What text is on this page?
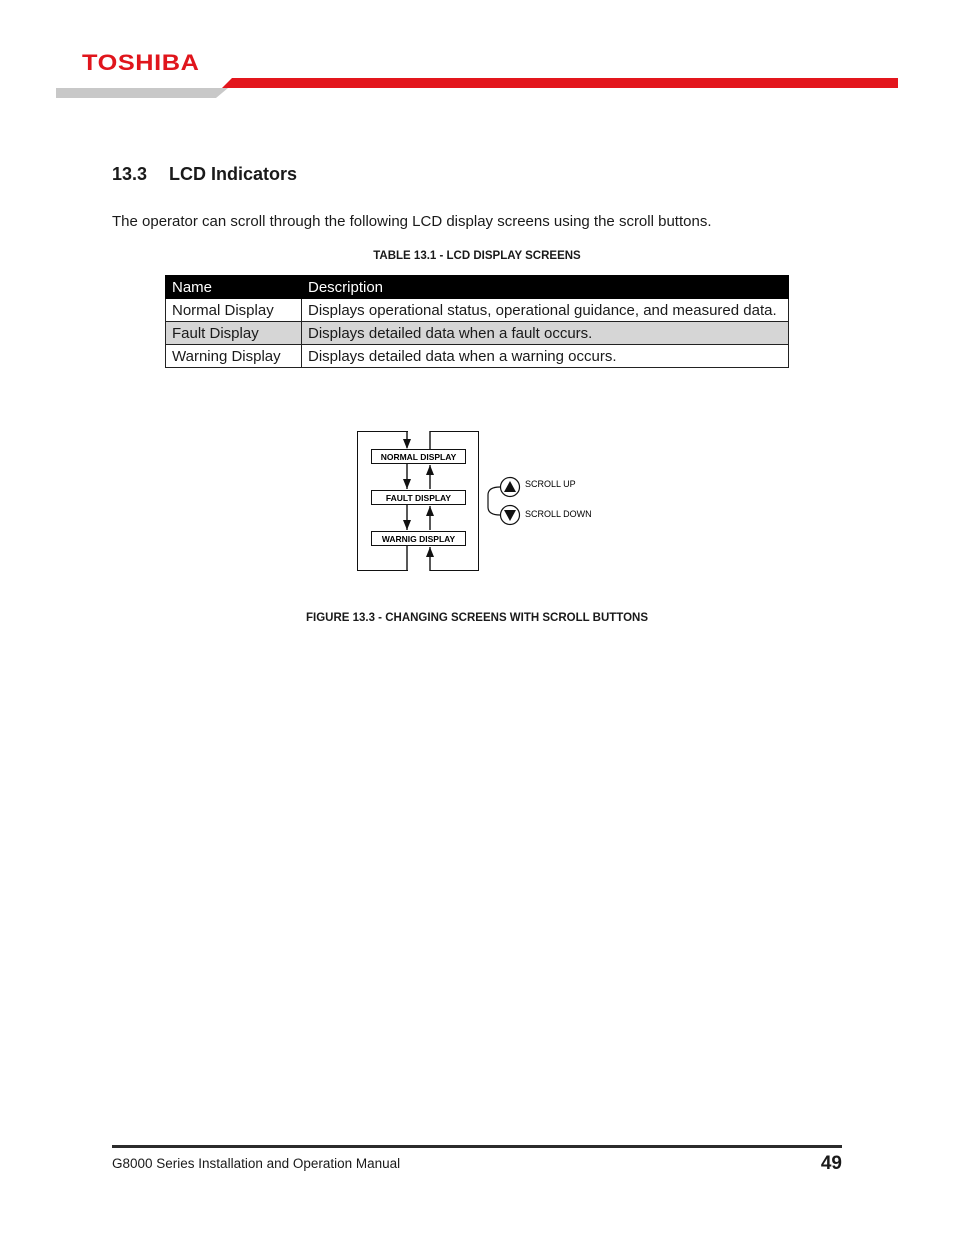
TOSHIBA
13.3 LCD Indicators

The operator can scroll through the following LCD display screens using the scroll buttons.

TABLE 13.1 - LCD DISPLAY SCREENS

Name	Description
Normal Display	Displays operational status, operational guidance, and measured data.
Fault Display	Displays detailed data when a fault occurs.
Warning Display	Displays detailed data when a warning occurs.
NORMAL DISPLAY
FAULT DISPLAY
WARNIG DISPLAY
SCROLL UP
SCROLL DOWN

FIGURE 13.3 - CHANGING SCREENS WITH SCROLL BUTTONS

G8000 Series Installation and Operation Manual	49
